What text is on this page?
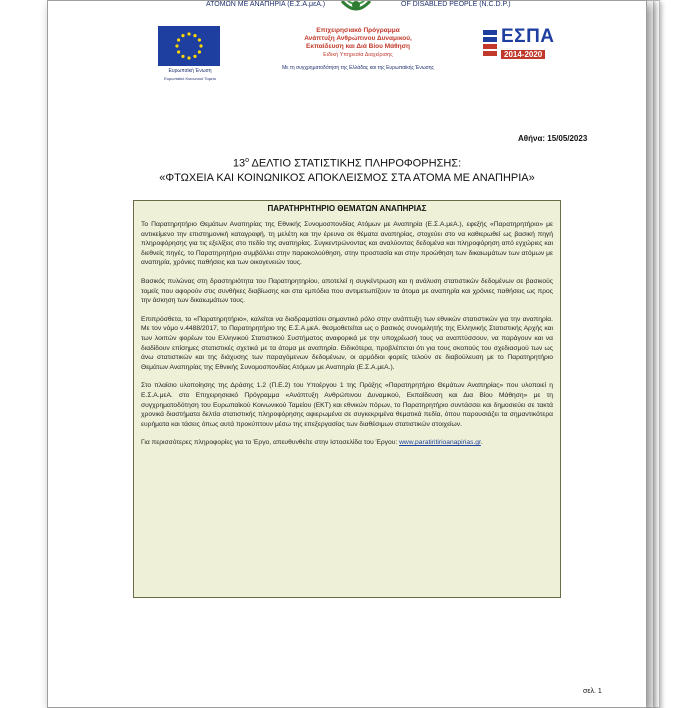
ΑΤΟΜΩΝ ΜΕ ΑΝΑΠΗΡΙΑ (Ε.Σ.Α.μεΑ.)	OF DISABLED PEOPLE (N.C.D.P.)
Ευρωπαϊκή Ένωση
Ευρωπαϊκό Κοινωνικό Ταμείο
Επιχειρησιακό Πρόγραμμα
Ανάπτυξη Ανθρώπινου Δυναμικού,
Εκπαίδευση και Διά Βίου Μάθηση
Ειδική Υπηρεσία Διαχείρισης
Με τη συγχρηματοδότηση της Ελλάδας και της Ευρωπαϊκής Ένωσης
ΕΣΠΑ
2014-2020
Αθήνα: 15/05/2023
$13^o$ ΔΕΛΤΙΟ ΣΤΑΤΙΣΤΙΚΗΣ ΠΛΗΡΟΦΟΡΗΣΗΣ:
«ΦΤΩΧΕΙΑ ΚΑΙ ΚΟΙΝΩΝΙΚΟΣ ΑΠΟΚΛΕΙΣΜΟΣ ΣΤΑ ΑΤΟΜΑ ΜΕ ΑΝΑΠΗΡΙΑ»
ΠΑΡΑΤΗΡΗΤΗΡΙΟ ΘΕΜΑΤΩΝ ΑΝΑΠΗΡΙΑΣ

Το Παρατηρητήριο Θεμάτων Αναπηρίας της Εθνικής Συνομοσπονδίας Ατόμων με Αναπηρία (Ε.Σ.Α.μεΑ.), εφεξής «Παρατηρητήριο» με αντικείμενο την επιστημονική καταγραφή, τη μελέτη και την έρευνα σε θέματα αναπηρίας, στοχεύει στο να καθιερωθεί ως βασική πηγή πληροφόρησης για τις εξελίξεις στο πεδίο της αναπηρίας. Συγκεντρώνοντας και αναλύοντας δεδομένα και πληροφόρηση από εγχώριες και διεθνείς πηγές, το Παρατηρητήριο συμβάλλει στην παρακολούθηση, στην προστασία και στην προώθηση των δικαιωμάτων των ατόμων με αναπηρία, χρόνιες παθήσεις και των οικογενειών τους.

Βασικός πυλώνας στη δραστηριότητα του Παρατηρητηρίου, αποτελεί η συγκέντρωση και η ανάλυση στατιστικών δεδομένων σε βασικούς τομείς που αφορούν στις συνθήκες διαβίωσης και στα εμπόδια που αντιμετωπίζουν τα άτομα με αναπηρία και χρόνιες παθήσεις ως προς την άσκηση των δικαιωμάτων τους.

Επιπρόσθετα, το «Παρατηρητήριο», καλείται να διαδραματίσει σημαντικό ρόλο στην ανάπτυξη των εθνικών στατιστικών για την αναπηρία. Με τον νόμο ν.4488/2017, το Παρατηρητήριο της Ε.Σ.Α.μεΑ. θεσμοθετείται ως ο βασικός συνομιλητής της Ελληνικής Στατιστικής Αρχής και των λοιπών φορέων του Ελληνικού Στατιστικού Συστήματος αναφορικά με την υποχρέωσή τους να αναπτύσσουν, να παράγουν και να διαδίδουν επίσημες στατιστικές σχετικά με τα άτομα με αναπηρία. Ειδικότερα, προβλέπεται ότι για τους σκοπούς του σχεδιασμού των ως άνω στατιστικών και της διάχυσης των παραγόμενων δεδομένων, οι αρμόδιοι φορείς τελούν σε διαβούλευση με το Παρατηρητήριο Θεμάτων Αναπηρίας της Εθνικής Συνομοσπονδίας Ατόμων με Αναπηρία (Ε.Σ.Α.μεΑ.).

Στο πλαίσιο υλοποίησης της Δράσης 1.2 (Π.Ε.2) του Υποέργου 1 της Πράξης «Παρατηρητήριο Θεμάτων Αναπηρίας» που υλοποιεί η Ε.Σ.Α.μεΑ. στο Επιχειρησιακό Πρόγραμμα «Ανάπτυξη Ανθρώπινου Δυναμικού, Εκπαίδευση και Δια Βίου Μάθηση» με τη συγχρηματοδότηση του Ευρωπαϊκού Κοινωνικού Ταμείου (ΕΚΤ) και εθνικών πόρων, το Παρατηρητήριο συντάσσει και δημοσιεύει σε τακτά χρονικά διαστήματα δελτία στατιστικής πληροφόρησης αφιερωμένα σε συγκεκριμένα θεματικά πεδία, όπου παρουσιάζει τα σημαντικότερα ευρήματα και τάσεις όπως αυτά προκύπτουν μέσω της επεξεργασίας των διαθέσιμων στατιστικών στοιχείων.

Για περισσότερες πληροφορίες για το Έργο, απευθυνθείτε στην Ιστοσελίδα του Έργου: www.paratiritirioanapirias.gr.

σελ. 1
